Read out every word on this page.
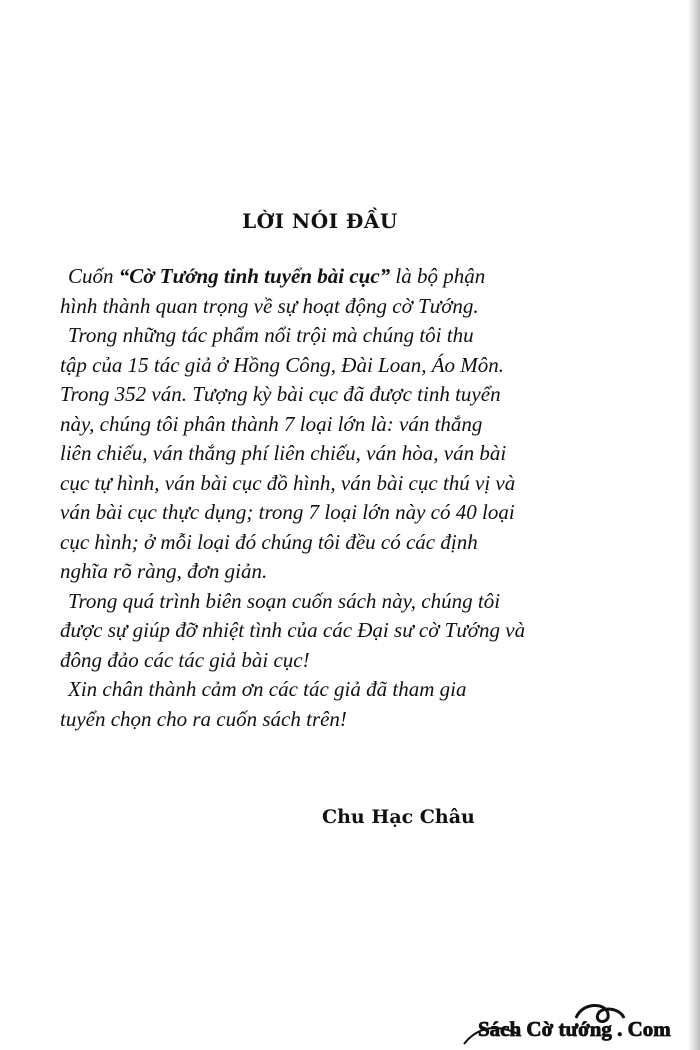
LỜI NÓI ĐẦU
Cuốn “Cờ Tướng tinh tuyển bài cục” là bộ phận
hình thành quan trọng về sự hoạt động cờ Tướng.
Trong những tác phẩm nổi trội mà chúng tôi thu
tập của 15 tác giả ở Hồng Công, Đài Loan, Áo Môn.
Trong 352 ván. Tượng kỳ bài cục đã được tinh tuyển
này, chúng tôi phân thành 7 loại lớn là: ván thắng
liên chiếu, ván thắng phí liên chiếu, ván hòa, ván bài
cục tự hình, ván bài cục đồ hình, ván bài cục thú vị và
ván bài cục thực dụng; trong 7 loại lớn này có 40 loại
cục hình; ở mỗi loại đó chúng tôi đều có các định
nghĩa rõ ràng, đơn giản.
Trong quá trình biên soạn cuốn sách này, chúng tôi
được sự giúp đỡ nhiệt tình của các Đại sư cờ Tướng và
đông đảo các tác giả bài cục!
Xin chân thành cảm ơn các tác giả đã tham gia
tuyển chọn cho ra cuốn sách trên!
Chu Hạc Châu
Sách Cờ tướng . Com
